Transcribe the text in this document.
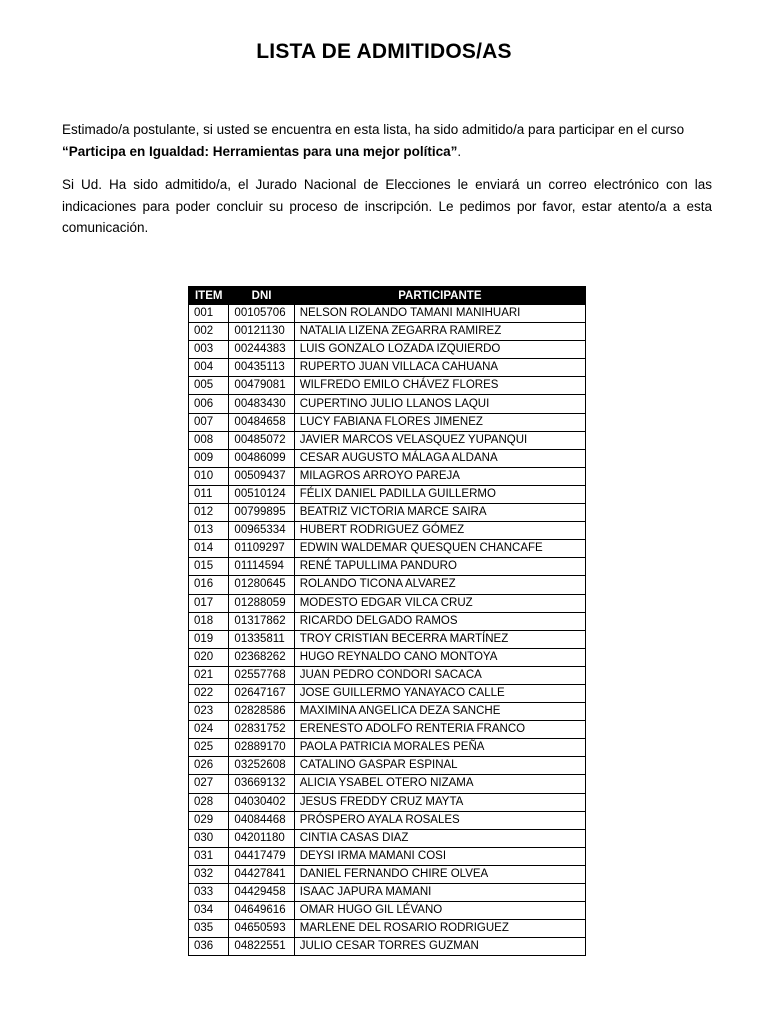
LISTA DE ADMITIDOS/AS
Estimado/a postulante, si usted se encuentra en esta lista, ha sido admitido/a para participar en el curso
“Participa en Igualdad: Herramientas para una mejor política”.
Si Ud. Ha sido admitido/a, el Jurado Nacional de Elecciones le enviará un correo electrónico con las indicaciones para poder concluir su proceso de inscripción. Le pedimos por favor, estar atento/a a esta comunicación.
ITEM	DNI	PARTICIPANTE
001	00105706	NELSON ROLANDO TAMANI MANIHUARI
002	00121130	NATALIA LIZENA ZEGARRA RAMIREZ
003	00244383	LUIS GONZALO LOZADA IZQUIERDO
004	00435113	RUPERTO JUAN VILLACA CAHUANA
005	00479081	WILFREDO EMILO CHÁVEZ FLORES
006	00483430	CUPERTINO JULIO LLANOS LAQUI
007	00484658	LUCY FABIANA FLORES JIMENEZ
008	00485072	JAVIER MARCOS VELASQUEZ YUPANQUI
009	00486099	CESAR AUGUSTO MÁLAGA ALDANA
010	00509437	MILAGROS ARROYO PAREJA
011	00510124	FÉLIX DANIEL PADILLA GUILLERMO
012	00799895	BEATRIZ VICTORIA MARCE SAIRA
013	00965334	HUBERT RODRIGUEZ GÓMEZ
014	01109297	EDWIN WALDEMAR QUESQUEN CHANCAFE
015	01114594	RENÉ TAPULLIMA PANDURO
016	01280645	ROLANDO TICONA ALVAREZ
017	01288059	MODESTO EDGAR VILCA CRUZ
018	01317862	RICARDO DELGADO RAMOS
019	01335811	TROY CRISTIAN BECERRA MARTÍNEZ
020	02368262	HUGO REYNALDO CANO MONTOYA
021	02557768	JUAN PEDRO CONDORI SACACA
022	02647167	JOSE GUILLERMO YANAYACO CALLE
023	02828586	MAXIMINA ANGELICA DEZA SANCHE
024	02831752	ERENESTO ADOLFO RENTERIA FRANCO
025	02889170	PAOLA PATRICIA MORALES PEÑA
026	03252608	CATALINO GASPAR ESPINAL
027	03669132	ALICIA YSABEL OTERO NIZAMA
028	04030402	JESUS FREDDY CRUZ MAYTA
029	04084468	PRÓSPERO AYALA ROSALES
030	04201180	CINTIA CASAS DIAZ
031	04417479	DEYSI IRMA MAMANI COSI
032	04427841	DANIEL FERNANDO CHIRE OLVEA
033	04429458	ISAAC JAPURA MAMANI
034	04649616	OMAR HUGO GIL LÉVANO
035	04650593	MARLENE DEL ROSARIO RODRIGUEZ
036	04822551	JULIO CESAR TORRES GUZMAN
